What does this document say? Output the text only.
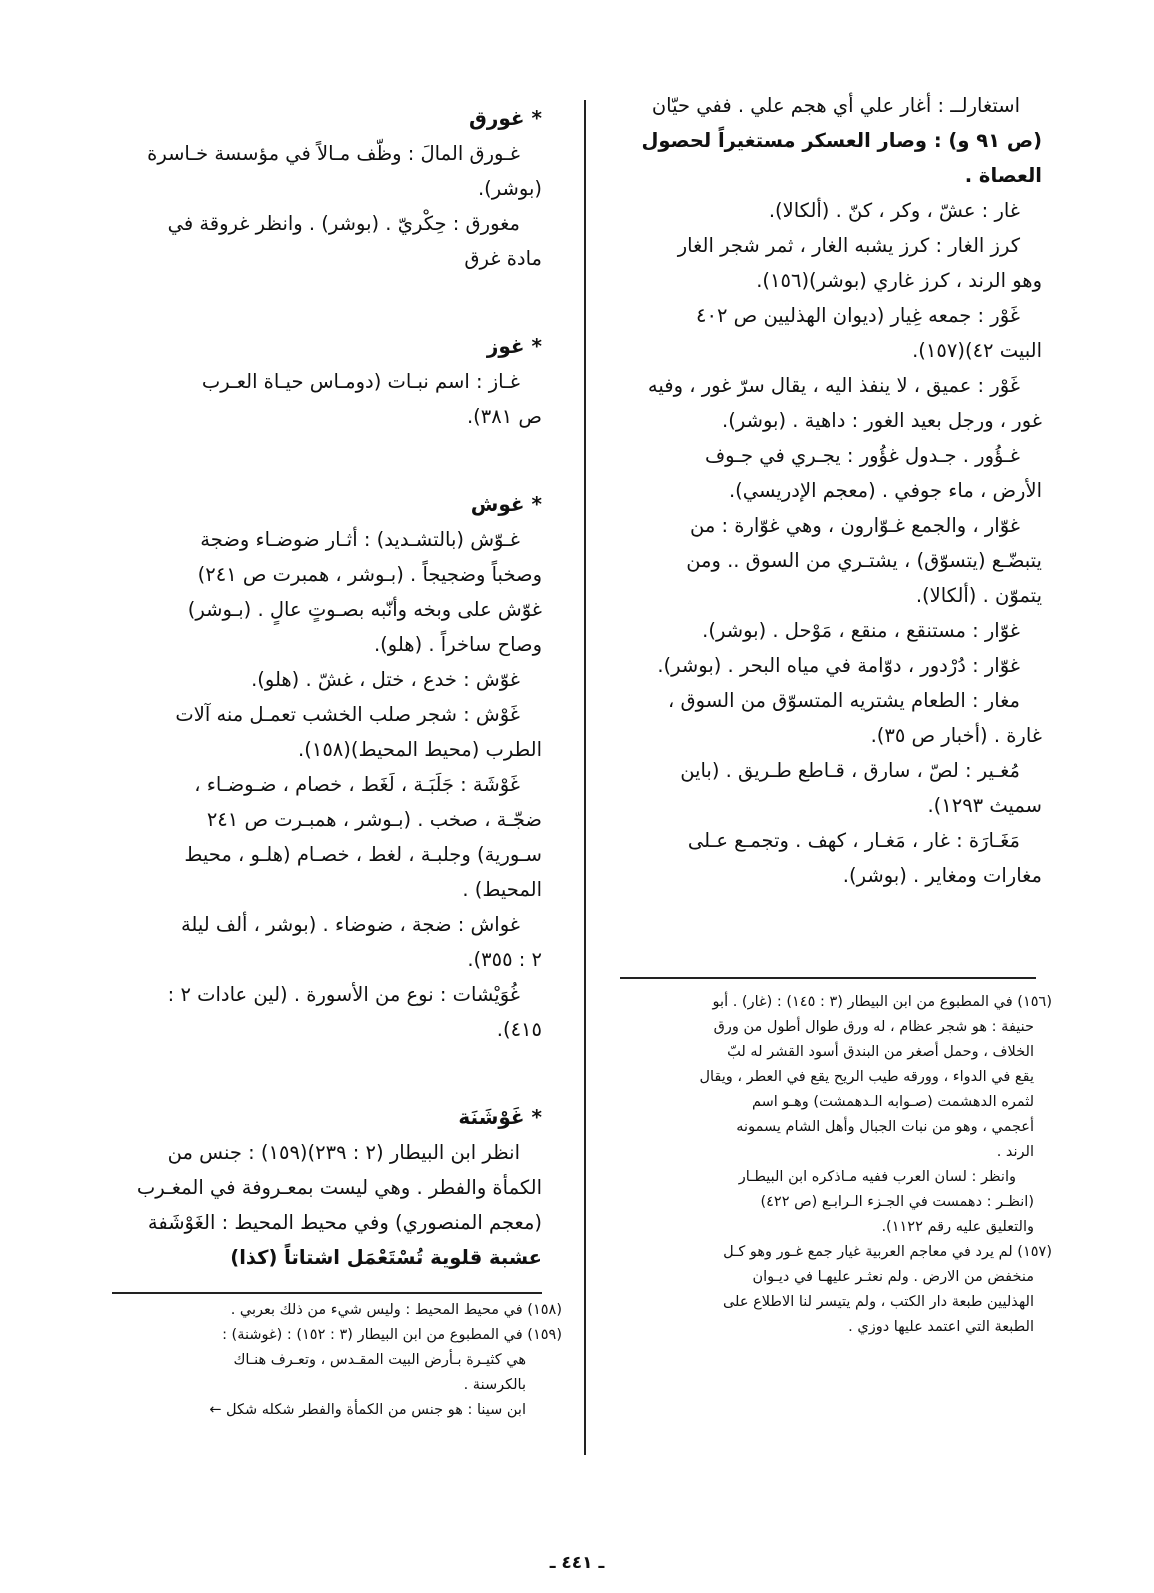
استغارلــ : أغار علي أي هجم علي . ففي حيّان

(ص ٩١ و) : وصار العسكر مستغيراً لحصول

العصاة .

غار : عشّ ، وكر ، كنّ . (ألكالا).

كرز الغار : كرز يشبه الغار ، ثمر شجر الغار

وهو الرند ، كرز غاري (بوشر)(١٥٦).

غَوْر : جمعه غِيار (ديوان الهذليين ص ٤٠٢

البيت ٤٢)(١٥٧).

غَوْر : عميق ، لا ينفذ اليه ، يقال سرّ غور ، وفيه

غور ، ورجل بعيد الغور : داهية . (بوشر).

غـؤُور . جـدول غؤُور : يجـري في جـوف

الأرض ، ماء جوفي . (معجم الإدريسي).

غوّار ، والجمع غـوّارون ، وهي غوّارة : من

يتبضّـع (يتسوّق) ، يشتـري من السوق .. ومن

يتموّن . (ألكالا).

غوّار : مستنقع ، منقع ، مَوْحل . (بوشر).

غوّار : دُرْدور ، دوّامة في مياه البحر . (بوشر).

مغار : الطعام يشتريه المتسوّق من السوق ،

غارة . (أخبار ص ٣٥).

مُغـير : لصّ ، سارق ، قـاطع طـريق . (باين

سميث ١٢٩٣).

مَغَـارَة : غار ، مَغـار ، كهف . وتجمـع عـلى

مغارات ومغاير . (بوشر).

* غورق

غـورق المالَ : وظّف مـالاً في مؤسسة خـاسرة

(بوشر).

مغورق : حِكْريّ . (بوشر) . وانظر غروقة في

مادة غرق

* غوز

غـاز : اسم نبـات (دومـاس حيـاة العـرب

ص ٣٨١).

* غوش

غـوّش (بالتشـديد) : أثـار ضوضـاء وضجة

وصخباً وضجيجاً . (بـوشر ، همبرت ص ٢٤١)

غوّش على وبخه وأنّبه بصـوتٍ عالٍ . (بـوشر)

وصاح ساخراً . (هلو).

غوّش : خدع ، ختل ، غشّ . (هلو).

غَوْش : شجر صلب الخشب تعمـل منه آلات

الطرب (محيط المحيط)(١٥٨).

غَوْشَة : جَلَبَـة ، لَغَط ، خصام ، ضـوضـاء ،

ضجّـة ، صخب . (بـوشر ، همبـرت ص ٢٤١

سـورية) وجلبـة ، لغط ، خصـام (هلـو ، محيط

المحيط) .

غواش : ضجة ، ضوضاء . (بوشر ، ألف ليلة

٢ : ٣٥٥).

غُوَيْشات : نوع من الأسورة . (لين عادات ٢ :

٤١٥).

* غَوْشَنَة

انظر ابن البيطار (٢ : ٢٣٩)(١٥٩) : جنس من

الكمأة والفطر . وهي ليست بمعـروفة في المغـرب

(معجم المنصوري) وفي محيط المحيط : الغَوْشَفة

عشبة قلوية تُسْتَعْمَل اشتاتاً (كذا)

(١٥٦) في المطبوع من ابن البيطار (٣ : ١٤٥) : (غار) . أبو

حنيفة : هو شجر عظام ، له ورق طوال أطول من ورق

الخلاف ، وحمل أصغر من البندق أسود القشر له لبّ

يقع في الدواء ، وورقه طيب الريح يقع في العطر ، ويقال

لثمره الدهشمت (صـوابه الـدهمشت) وهـو اسم

أعجمي ، وهو من نبات الجبال وأهل الشام يسمونه

الرند .

وانظر : لسان العرب ففيه مـاذكره ابن البيطـار

(انظـر : دهمست في الجـزء الـرابـع (ص ٤٢٢)

والتعليق عليه رقم ١١٢٢).

(١٥٧) لم يرد في معاجم العربية غيار جمع غـور وهو كـل

منخفض من الارض . ولم نعثـر عليهـا في ديـوان

الهذليين طبعة دار الكتب ، ولم يتيسر لنا الاطلاع على

الطبعة التي اعتمد عليها دوزي .

(١٥٨) في محيط المحيط : وليس شيء من ذلك بعربي .

(١٥٩) في المطبوع من ابن البيطار (٣ : ١٥٢) : (غوشنة) :

هي كثيـرة بـأرض البيت المقـدس ، وتعـرف هنـاك

بالكرسنة .

ابن سينا : هو جنس من الكمأة والفطر شكله شكل ←

ـ ٤٤١ ـ
